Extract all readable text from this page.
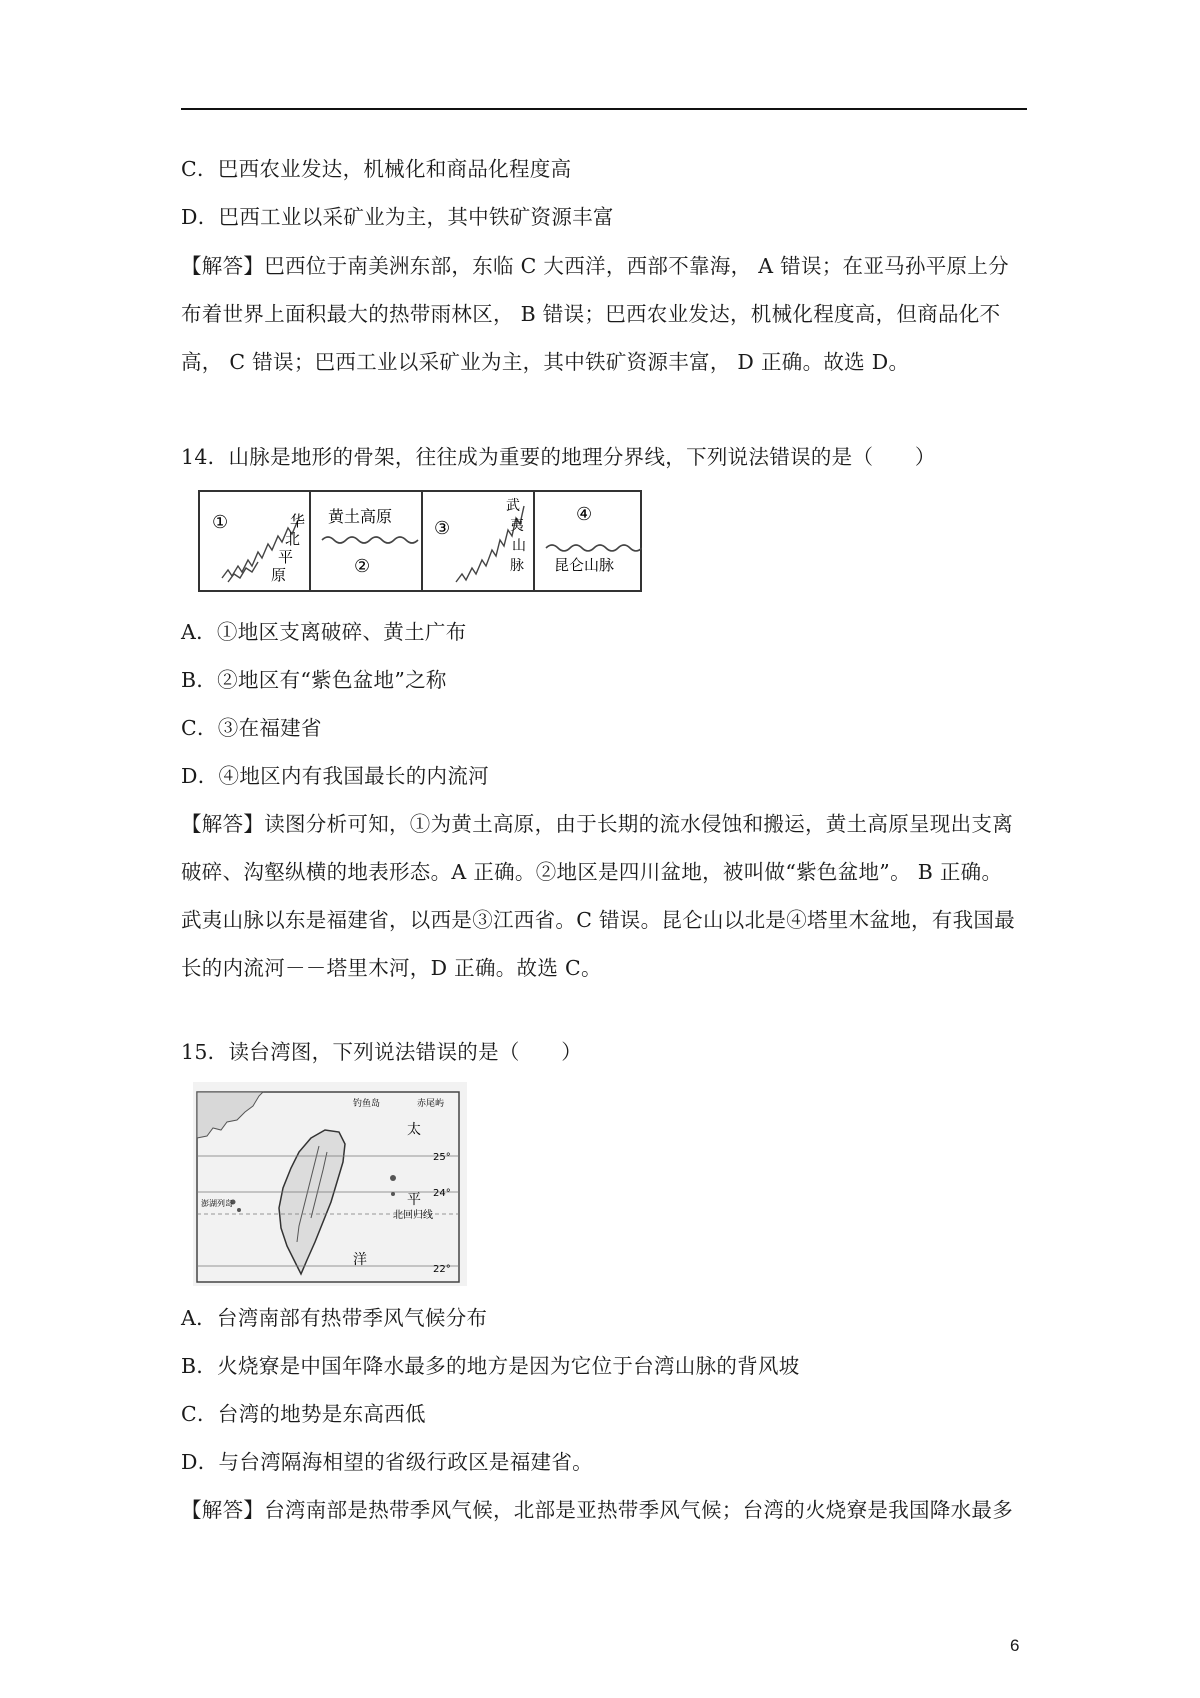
C．巴西农业发达，机械化和商品化程度高
D．巴西工业以采矿业为主，其中铁矿资源丰富
【解答】巴西位于南美洲东部，东临 C 大西洋，西部不靠海， A 错误；在亚马孙平原上分
布着世界上面积最大的热带雨林区， B 错误；巴西农业发达，机械化程度高，但商品化不
高， C 错误；巴西工业以采矿业为主，其中铁矿资源丰富， D 正确。故选 D。
14．山脉是地形的骨架，往往成为重要的地理分界线，下列说法错误的是（　　）
①	华
北
平
原
黄土高原
②
③
武
夷
山
脉
④
昆仑山脉
A．①地区支离破碎、黄土广布
B．②地区有“紫色盆地”之称
C．③在福建省
D．④地区内有我国最长的内流河
【解答】读图分析可知，①为黄土高原，由于长期的流水侵蚀和搬运，黄土高原呈现出支离
破碎、沟壑纵横的地表形态。A 正确。②地区是四川盆地，被叫做“紫色盆地”。 B 正确。
武夷山脉以东是福建省，以西是③江西省。C 错误。昆仑山以北是④塔里木盆地，有我国最
长的内流河－－塔里木河，D 正确。故选 C。
15．读台湾图，下列说法错误的是（　　）
钓鱼岛	赤尾屿
太
平
洋
25°
24°
22°
北回归线
澎湖列岛
A．台湾南部有热带季风气候分布
B．火烧寮是中国年降水最多的地方是因为它位于台湾山脉的背风坡
C．台湾的地势是东高西低
D．与台湾隔海相望的省级行政区是福建省。
【解答】台湾南部是热带季风气候，北部是亚热带季风气候；台湾的火烧寮是我国降水最多
6
